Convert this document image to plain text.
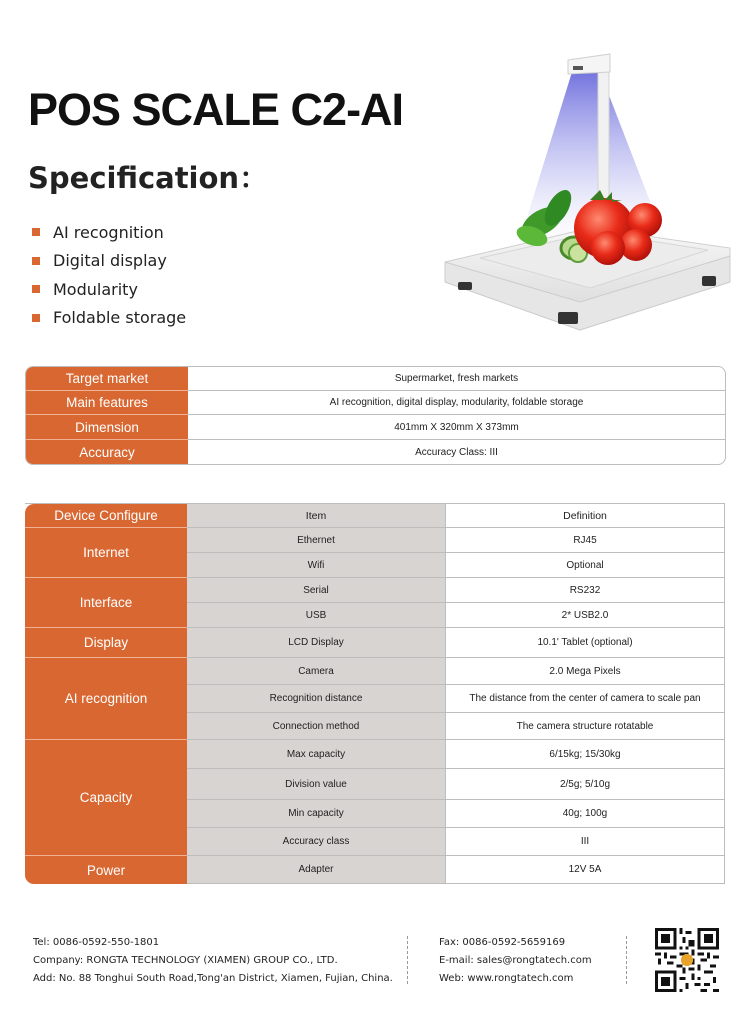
POS SCALE C2-AI
Specification：
AI recognition
Digital display
Modularity
Foldable storage
Target market	Supermarket, fresh markets
Main features	AI recognition, digital display, modularity, foldable storage
Dimension	401mm X 320mm X 373mm
Accuracy	Accuracy Class: III
Device Configure	Item	Definition
Internet	Ethernet	RJ45
	Wifi	Optional
Interface	Serial	RS232
	USB	2* USB2.0
Display	LCD Display	10.1' Tablet (optional)
AI recognition	Camera	2.0 Mega Pixels
	Recognition distance	The distance from the center of camera to scale pan
	Connection method	The camera structure rotatable
Capacity	Max capacity	6/15kg; 15/30kg
	Division value	2/5g; 5/10g
	Min capacity	40g; 100g
	Accuracy class	III
Power	Adapter	12V 5A
Tel: 0086-0592-550-1801
Company: RONGTA TECHNOLOGY (XIAMEN) GROUP CO., LTD.
Add: No. 88 Tonghui South Road,Tong'an District, Xiamen, Fujian, China.
Fax: 0086-0592-5659169
E-mail: sales@rongtatech.com
Web: www.rongtatech.com
